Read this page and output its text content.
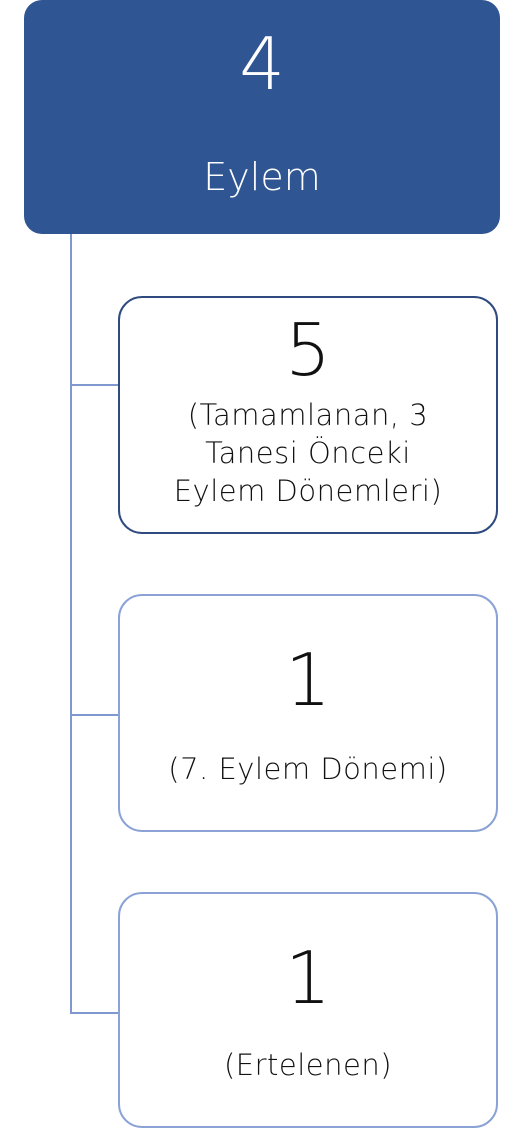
4
Eylem
5
(Tamamlanan, 3
Tanesi Önceki
Eylem Dönemleri)
1
(7. Eylem Dönemi)
1
(Ertelenen)
